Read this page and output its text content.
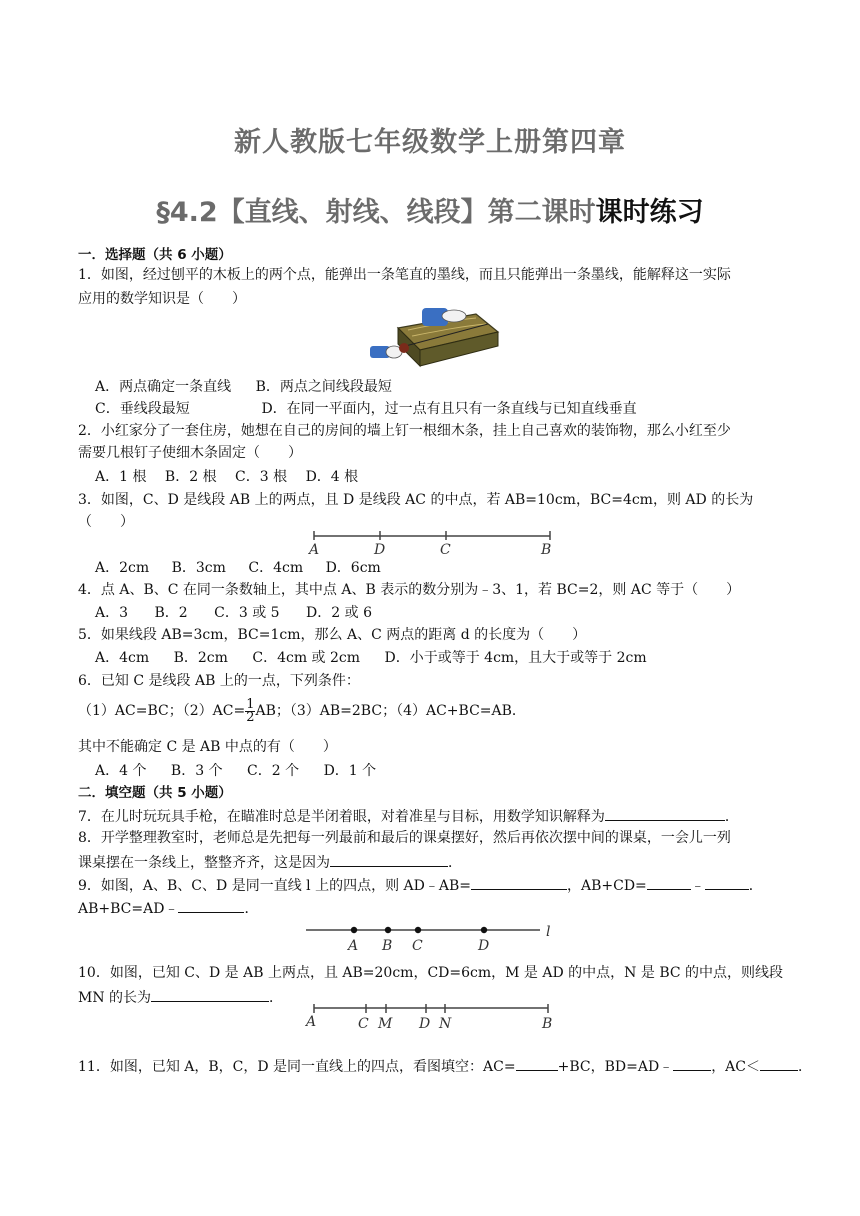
新人教版七年级数学上册第四章
§4.2【直线、射线、线段】第二课时课时练习
一．选择题（共 6 小题）
1．如图，经过刨平的木板上的两个点，能弹出一条笔直的墨线，而且只能弹出一条墨线，能解释这一实际
应用的数学知识是（　　）
A．两点确定一条直线 B．两点之间线段最短
C．垂线段最短	D．在同一平面内，过一点有且只有一条直线与已知直线垂直
2．小红家分了一套住房，她想在自己的房间的墙上钉一根细木条，挂上自己喜欢的装饰物，那么小红至少
需要几根钉子使细木条固定（　　）
A．1 根 B．2 根 C．3 根 D．4 根
3．如图，C、D 是线段 AB 上的两点，且 D 是线段 AC 的中点，若 AB=10cm，BC=4cm，则 AD 的长为
（　　）
A	D	C	B
A．2cm B．3cm C．4cm D．6cm
4．点 A、B、C 在同一条数轴上，其中点 A、B 表示的数分别为﹣3、1，若 BC=2，则 AC 等于（　　）
A．3 B．2 C．3 或 5 D．2 或 6
5．如果线段 AB=3cm，BC=1cm，那么 A、C 两点的距离 d 的长度为（　　）
A．4cm B．2cm C．4cm 或 2cm D．小于或等于 4cm，且大于或等于 2cm
6．已知 C 是线段 AB 上的一点，下列条件：
（1）AC=BC；$(2)AC= \frac{1}{2}$ AB；（3）AB=2BC；（4）AC+BC=AB．
其中不能确定 C 是 AB 中点的有（　　）
A．4 个 B．3 个 C．2 个 D．1 个
二．填空题（共 5 小题）
7．在儿时玩玩具手枪，在瞄准时总是半闭着眼，对着准星与目标，用数学知识解释为	．
8．开学整理教室时，老师总是先把每一列最前和最后的课桌摆好，然后再依次摆中间的课桌，一会儿一列
课桌摆在一条线上，整整齐齐，这是因为	．
9．如图，A、B、C、D 是同一直线 l 上的四点，则 AD﹣AB=	，AB+CD=	﹣	．
AB+BC=AD﹣	．
A B C	D
l
10．如图，已知 C、D 是 AB 上两点，且 AB=20cm，CD=6cm，M 是 AD 的中点，N 是 BC 的中点，则线段
MN 的长为	．
A	C M D N	B
11．如图，已知 A，B，C，D 是同一直线上的四点，看图填空：AC=	+BC，BD=AD﹣	，AC＜	．
